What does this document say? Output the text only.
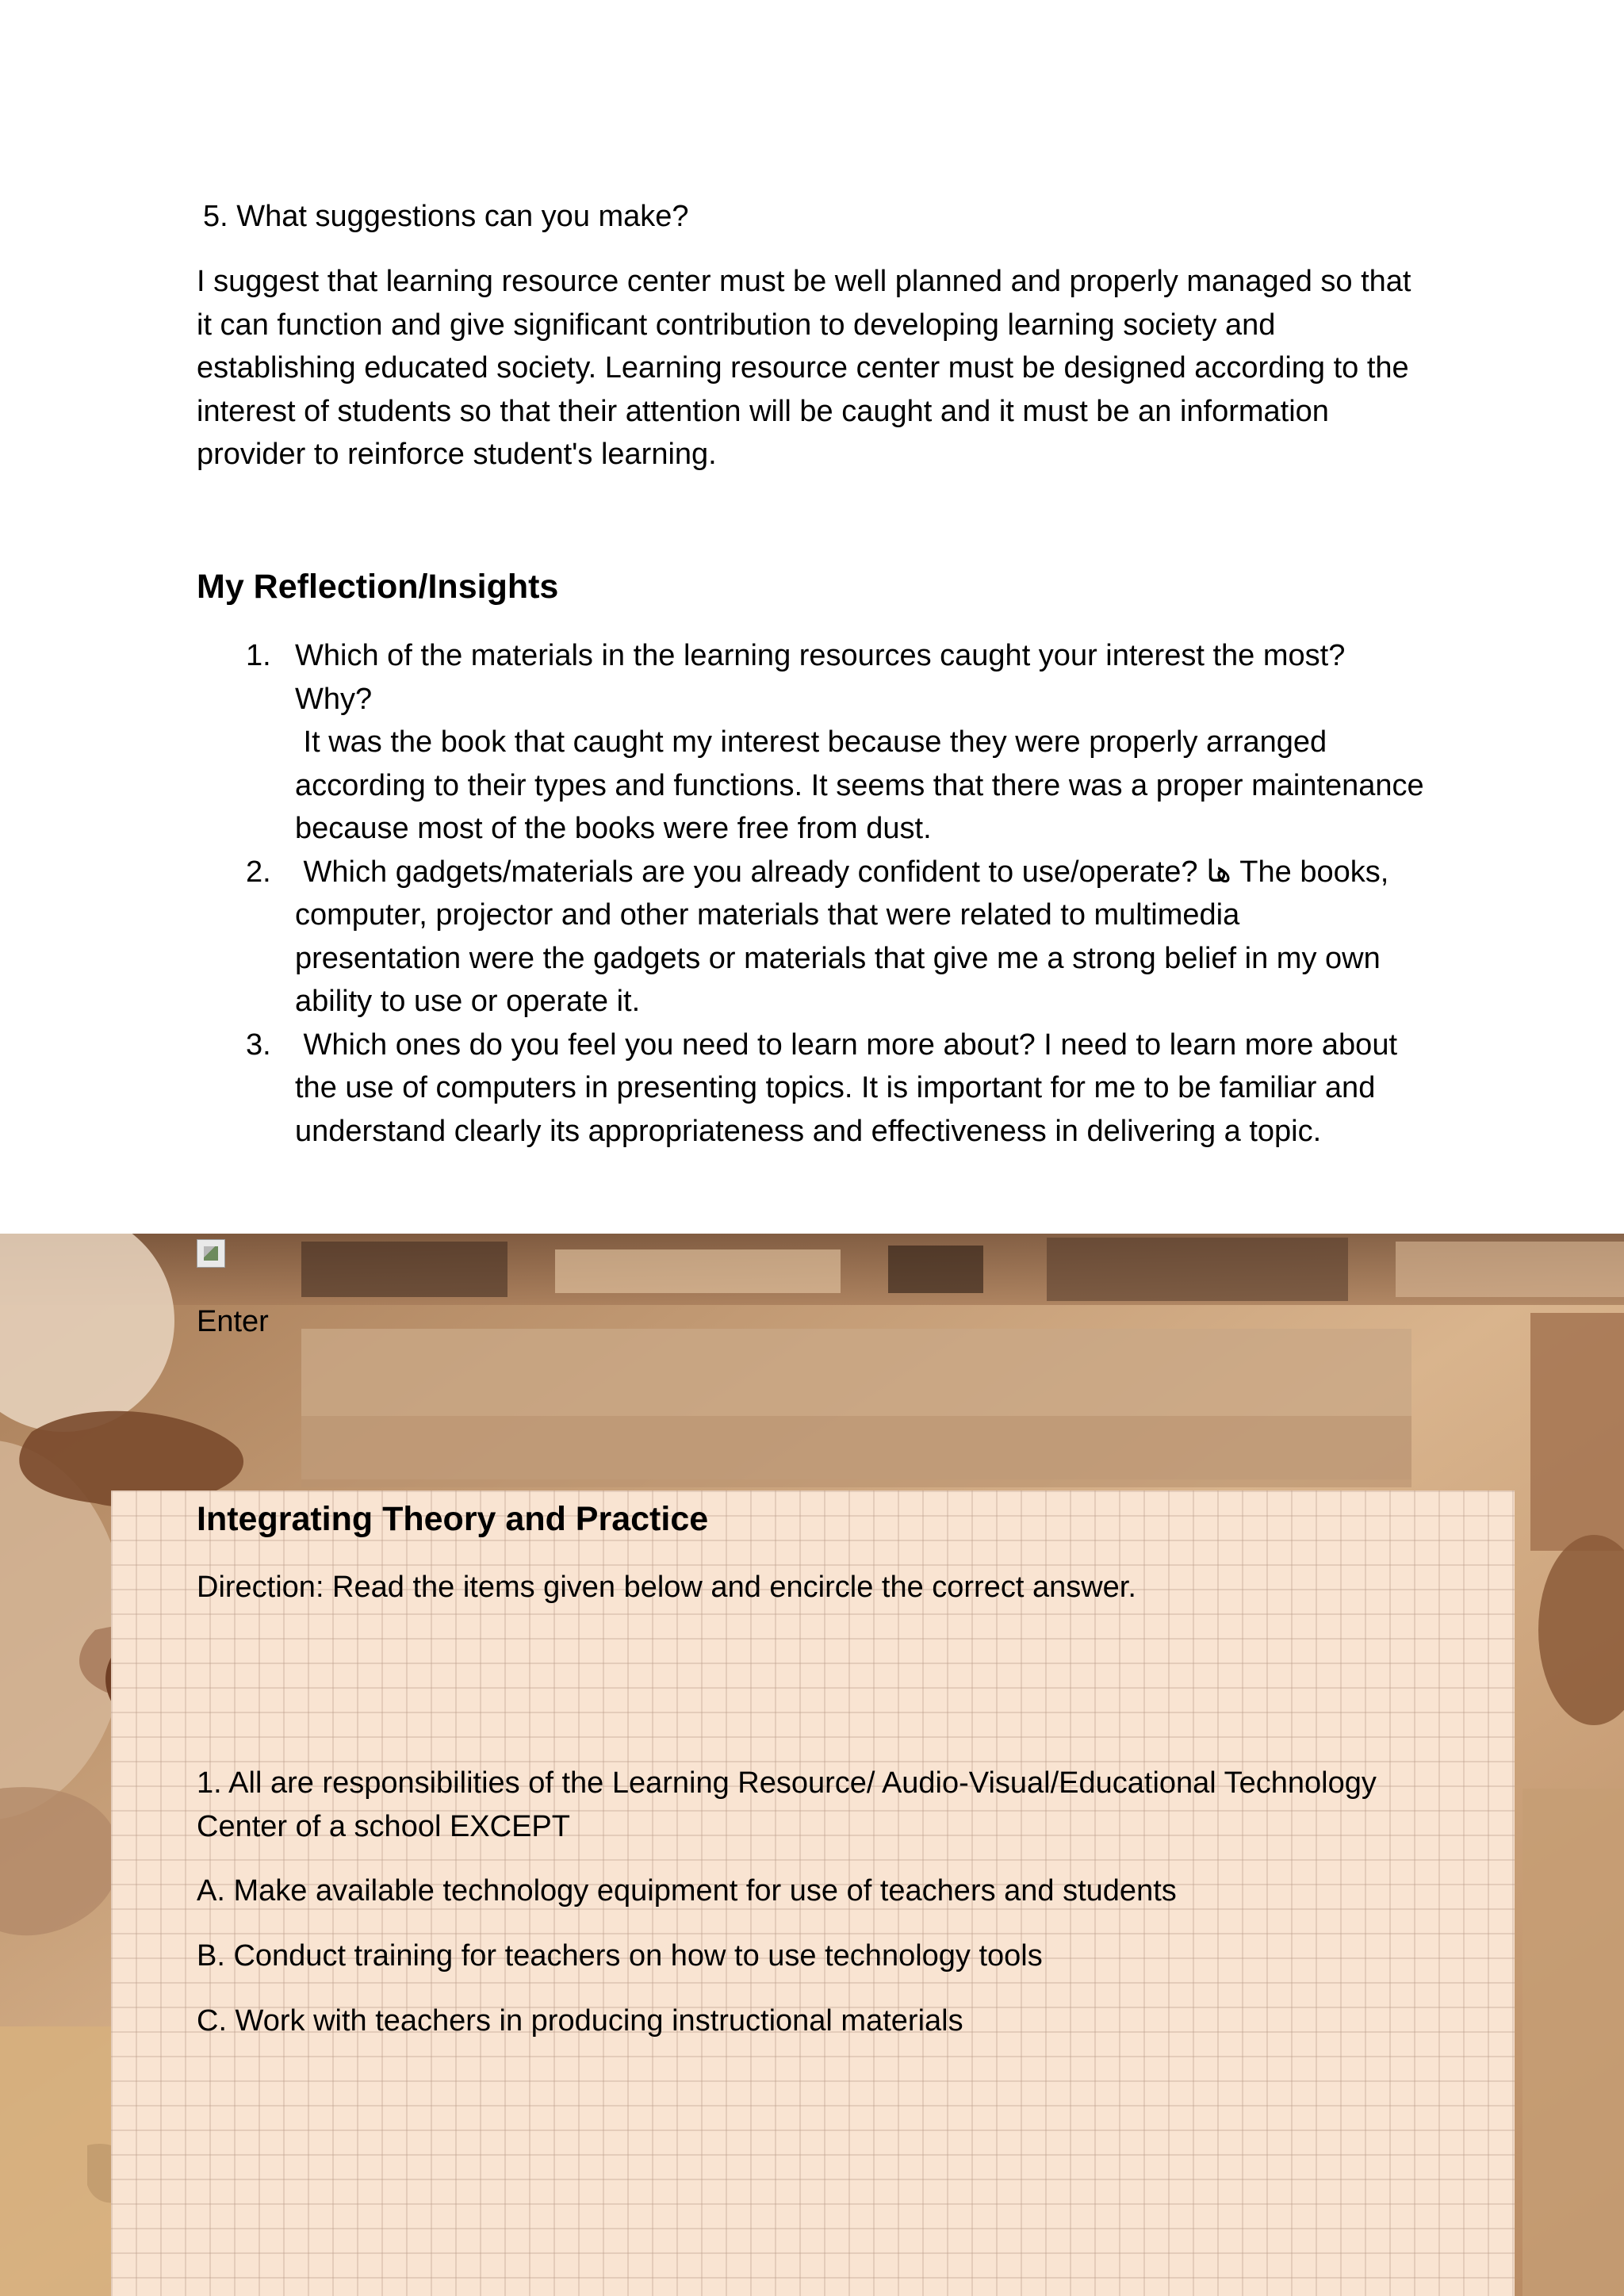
5. What suggestions can you make?
I suggest that learning resource center must be well planned and properly managed so that it can function and give significant contribution to developing learning society and establishing educated society. Learning resource center must be designed according to the interest of students so that their attention will be caught and it must be an information provider to reinforce student's learning.
My Reflection/Insights
1. Which of the materials in the learning resources caught your interest the most?
Why?
It was the book that caught my interest because they were properly arranged
according to their types and functions. It seems that there was a proper maintenance
because most of the books were free from dust.
2. Which gadgets/materials are you already confident to use/operate? ھا The books,
computer, projector and other materials that were related to multimedia
presentation were the gadgets or materials that give me a strong belief in my own
ability to use or operate it.
3. Which ones do you feel you need to learn more about? I need to learn more about
the use of computers in presenting topics. It is important for me to be familiar and
understand clearly its appropriateness and effectiveness in delivering a topic.
Enter
Integrating Theory and Practice
Direction: Read the items given below and encircle the correct answer.
1. All are responsibilities of the Learning Resource/ Audio-Visual/Educational Technology Center of a school EXCEPT
A. Make available technology equipment for use of teachers and students
B. Conduct training for teachers on how to use technology tools
C. Work with teachers in producing instructional materials
